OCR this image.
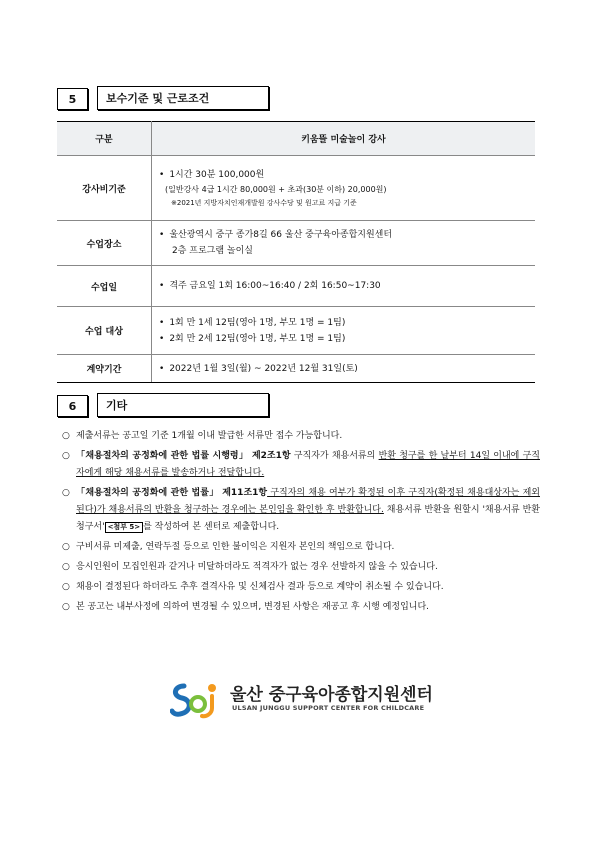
5	보수기준 및 근로조건
구분	키움뜰 미술놀이 강사
강사비기준	• 1시간 30분 100,000원
(일반강사 4급 1시간 80,000원 + 초과(30분 이하) 20,000원)
※2021년 지방자치인재개발원 강사수당 및 원고료 지급 기준

수업장소	• 울산광역시 중구 종가8길 66 울산 중구육아종합지원센터
2층 프로그램 놀이실

수업일	• 격주 금요일 1회 16:00~16:40 / 2회 16:50~17:30

수업 대상	• 1회 만 1세 12팀(영아 1명, 부모 1명 = 1팀)
• 2회 만 2세 12팀(영아 1명, 부모 1명 = 1팀)

계약기간	• 2022년 1월 3일(월) ~ 2022년 12월 31일(토)
6	기타
○ 제출서류는 공고일 기준 1개월 이내 발급한 서류만 접수 가능합니다.
○ 「채용절차의 공정화에 관한 법률 시행령」 제2조1항 구직자가 채용서류의 반환 청구를 한 날부터 14일 이내에 구직자에게 해당 채용서류를 발송하거나 전달합니다.
○ 「채용절차의 공정화에 관한 법률」 제11조1항 구직자의 채용 여부가 확정된 이후 구직자(확정된 채용대상자는 제외된다)가 채용서류의 반환을 청구하는 경우에는 본인임을 확인한 후 반환합니다. 채용서류 반환을 원할시 '채용서류 반환청구서' <첨부 5> 를 작성하여 본 센터로 제출합니다.
○ 구비서류 미제출, 연락두절 등으로 인한 불이익은 지원자 본인의 책임으로 합니다.
○ 응시인원이 모집인원과 같거나 미달하더라도 적격자가 없는 경우 선발하지 않을 수 있습니다.
○ 채용이 결정된다 하더라도 추후 결격사유 및 신체검사 결과 등으로 계약이 취소될 수 있습니다.
○ 본 공고는 내부사정에 의하여 변경될 수 있으며, 변경된 사항은 재공고 후 시행 예정입니다.
울산 중구육아종합지원센터
ULSAN JUNGGU SUPPORT CENTER FOR CHILDCARE
